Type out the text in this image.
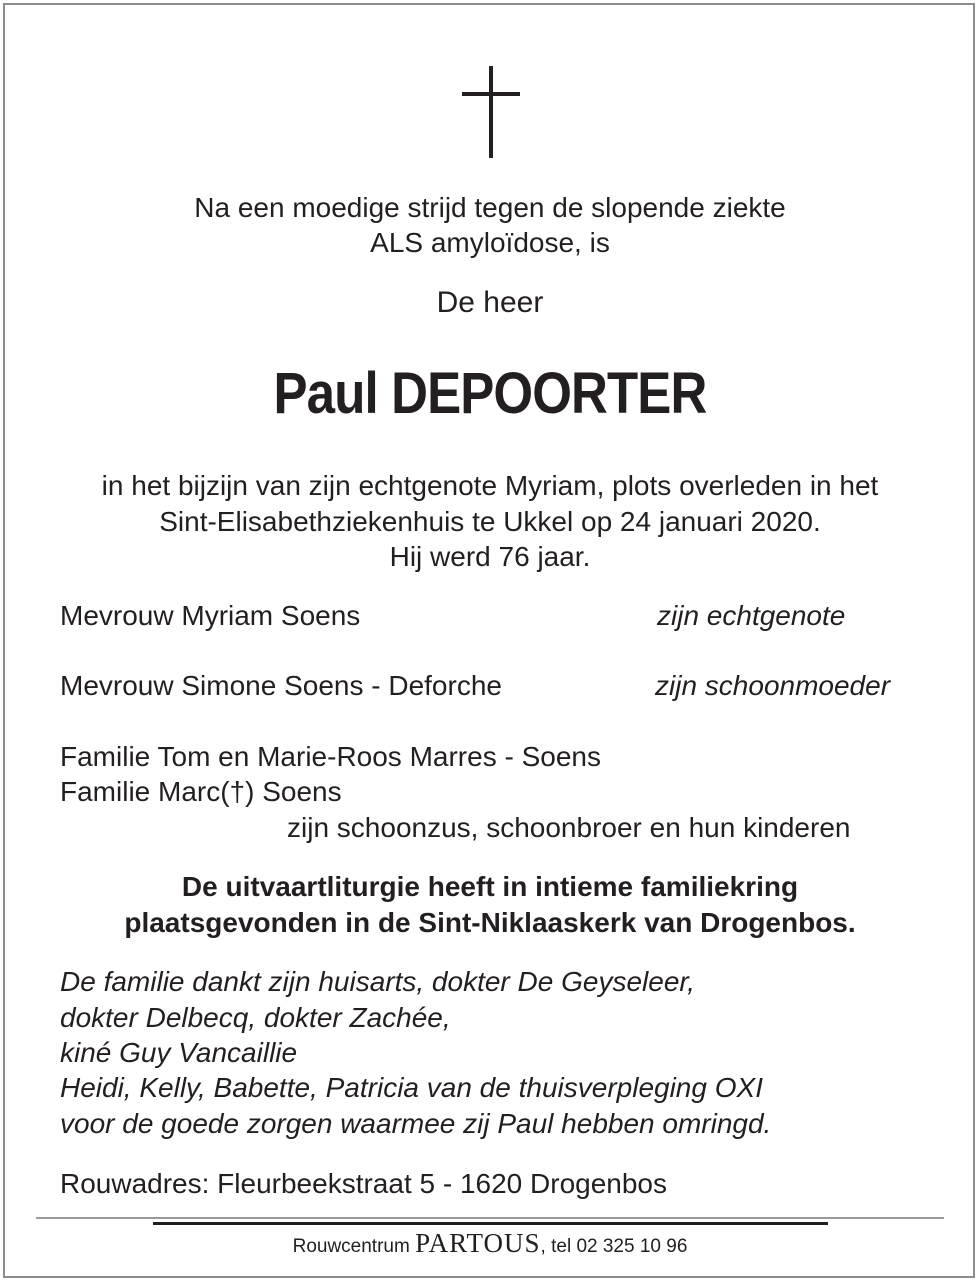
Na een moedige strijd tegen de slopende ziekte
ALS amyloïdose, is
De heer
Paul DEPOORTER
in het bijzijn van zijn echtgenote Myriam, plots overleden in het
Sint-Elisabethziekenhuis te Ukkel op 24 januari 2020.
Hij werd 76 jaar.
Mevrouw Myriam Soens	zijn echtgenote
Mevrouw Simone Soens - Deforche	zijn schoonmoeder
Familie Tom en Marie-Roos Marres - Soens
Familie Marc(†) Soens
zijn schoonzus, schoonbroer en hun kinderen
De uitvaartliturgie heeft in intieme familiekring
plaatsgevonden in de Sint-Niklaaskerk van Drogenbos.
De familie dankt zijn huisarts, dokter De Geyseleer,
dokter Delbecq, dokter Zachée,
kiné Guy Vancaillie
Heidi, Kelly, Babette, Patricia van de thuisverpleging OXI
voor de goede zorgen waarmee zij Paul hebben omringd.
Rouwadres: Fleurbeekstraat 5 - 1620 Drogenbos
Rouwcentrum PARTOUS, tel 02 325 10 96
